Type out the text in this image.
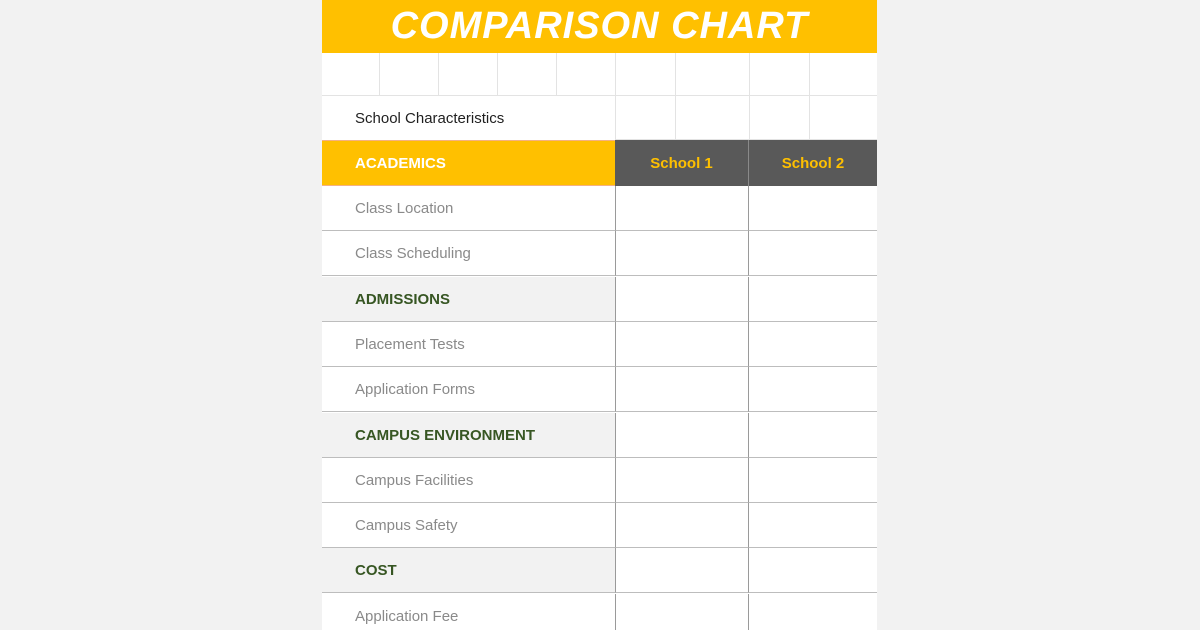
COMPARISON CHART
School Characteristics
ACADEMICS	School 1	School 2
Class Location
Class Scheduling
ADMISSIONS
Placement Tests
Application Forms
CAMPUS ENVIRONMENT
Campus Facilities
Campus Safety
COST
Application Fee
